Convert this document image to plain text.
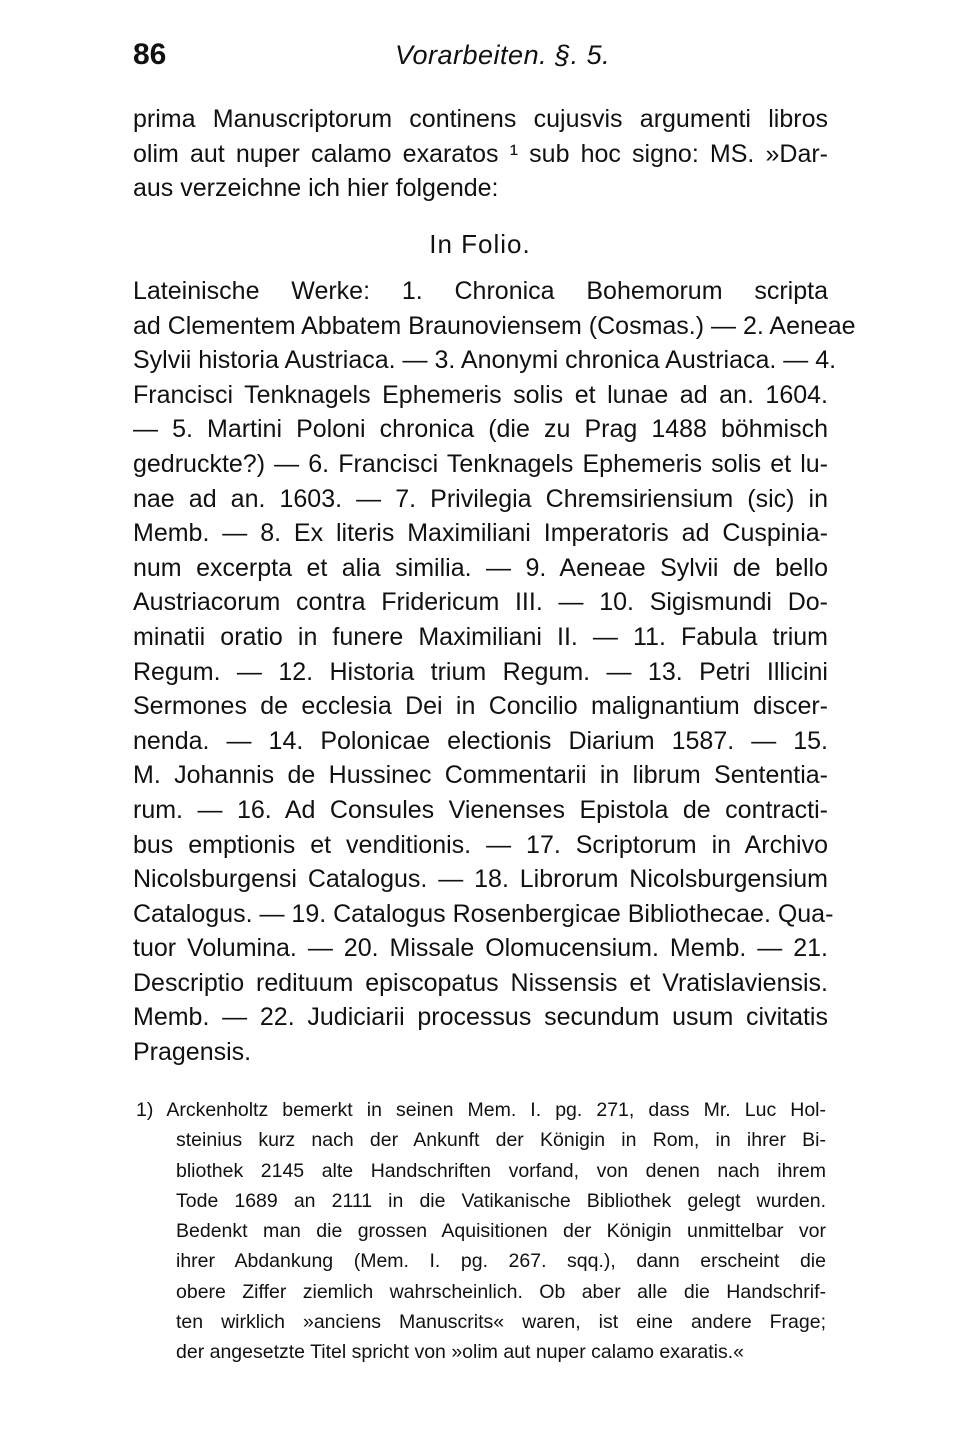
86	Vorarbeiten. §. 5.
prima Manuscriptorum continens cujusvis argumenti libros
olim aut nuper calamo exaratos ¹ sub hoc signo: MS. »Dar-
aus verzeichne ich hier folgende:
In Folio.
Lateinische Werke: 1. Chronica Bohemorum scripta
ad Clementem Abbatem Braunoviensem (Cosmas.) — 2. Aeneae
Sylvii historia Austriaca. — 3. Anonymi chronica Austriaca. — 4.
Francisci Tenknagels Ephemeris solis et lunae ad an. 1604.
— 5. Martini Poloni chronica (die zu Prag 1488 böhmisch
gedruckte?) — 6. Francisci Tenknagels Ephemeris solis et lu-
nae ad an. 1603. — 7. Privilegia Chremsiriensium (sic) in
Memb. — 8. Ex literis Maximiliani Imperatoris ad Cuspinia-
num excerpta et alia similia. — 9. Aeneae Sylvii de bello
Austriacorum contra Fridericum III. — 10. Sigismundi Do-
minatii oratio in funere Maximiliani II. — 11. Fabula trium
Regum. — 12. Historia trium Regum. — 13. Petri Illicini
Sermones de ecclesia Dei in Concilio malignantium discer-
nenda. — 14. Polonicae electionis Diarium 1587. — 15.
M. Johannis de Hussinec Commentarii in librum Sententia-
rum. — 16. Ad Consules Vienenses Epistola de contracti-
bus emptionis et venditionis. — 17. Scriptorum in Archivo
Nicolsburgensi Catalogus. — 18. Librorum Nicolsburgensium
Catalogus. — 19. Catalogus Rosenbergicae Bibliothecae. Qua-
tuor Volumina. — 20. Missale Olomucensium. Memb. — 21.
Descriptio redituum episcopatus Nissensis et Vratislaviensis.
Memb. — 22. Judiciarii processus secundum usum civitatis
Pragensis.
1) Arckenholtz bemerkt in seinen Mem. I. pg. 271, dass Mr. Luc Hol-
steinius kurz nach der Ankunft der Königin in Rom, in ihrer Bi-
bliothek 2145 alte Handschriften vorfand, von denen nach ihrem
Tode 1689 an 2111 in die Vatikanische Bibliothek gelegt wurden.
Bedenkt man die grossen Aquisitionen der Königin unmittelbar vor
ihrer Abdankung (Mem. I. pg. 267. sqq.), dann erscheint die
obere Ziffer ziemlich wahrscheinlich. Ob aber alle die Handschrif-
ten wirklich »anciens Manuscrits« waren, ist eine andere Frage;
der angesetzte Titel spricht von »olim aut nuper calamo exaratis.«
